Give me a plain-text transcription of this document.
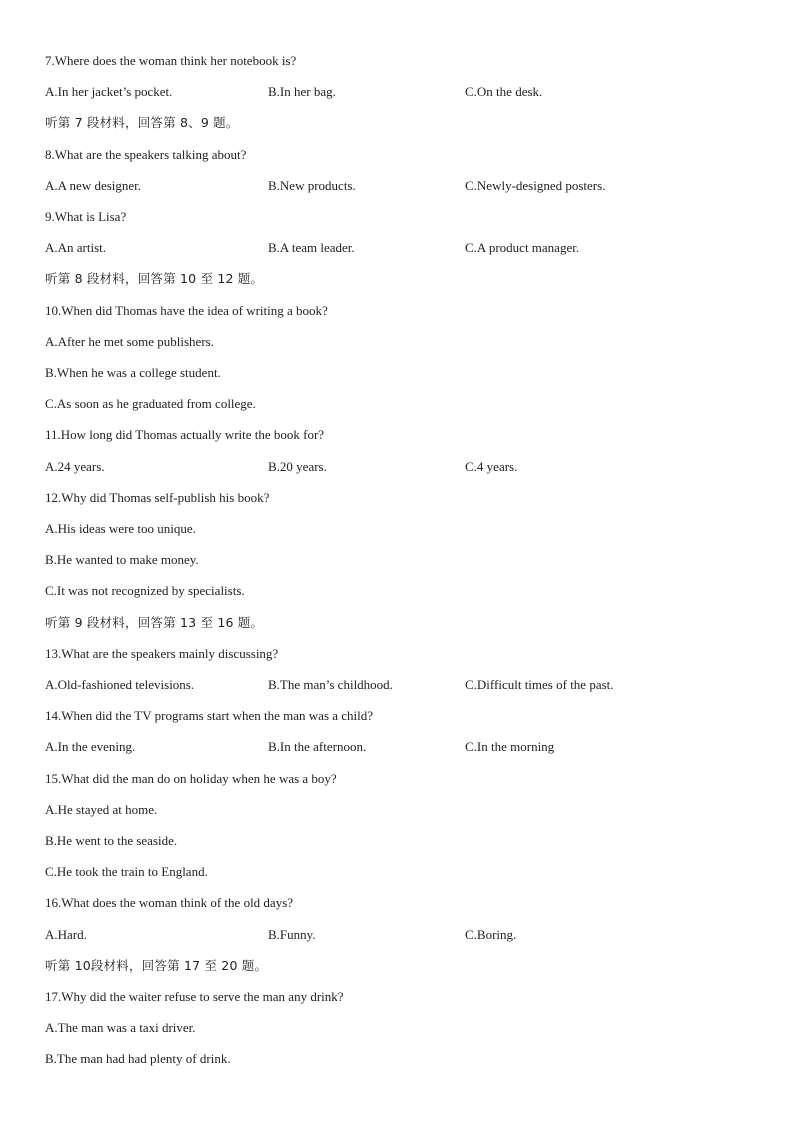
7.Where does the woman think her notebook is?
A.In her jacket’s pocket.	B.In her bag.	C.On the desk.
听第 7 段材料，回答第 8、9 题。
8.What are the speakers talking about?
A.A new designer.	B.New products.	C.Newly-designed posters.
9.What is Lisa?
A.An artist.	B.A team leader.	C.A product manager.
听第 8 段材料，回答第 10 至 12 题。
10.When did Thomas have the idea of writing a book?
A.After he met some publishers.
B.When he was a college student.
C.As soon as he graduated from college.
11.How long did Thomas actually write the book for?
A.24 years.	B.20 years.	C.4 years.
12.Why did Thomas self-publish his book?
A.His ideas were too unique.
B.He wanted to make money.
C.It was not recognized by specialists.
听第 9 段材料，回答第 13 至 16 题。
13.What are the speakers mainly discussing?
A.Old-fashioned televisions.	B.The man’s childhood.	C.Difficult times of the past.
14.When did the TV programs start when the man was a child?
A.In the evening.	B.In the afternoon.	C.In the morning
15.What did the man do on holiday when he was a boy?
A.He stayed at home.
B.He went to the seaside.
C.He took the train to England.
16.What does the woman think of the old days?
A.Hard.	B.Funny.	C.Boring.
听第 10段材料，回答第 17 至 20 题。
17.Why did the waiter refuse to serve the man any drink?
A.The man was a taxi driver.
B.The man had had plenty of drink.
